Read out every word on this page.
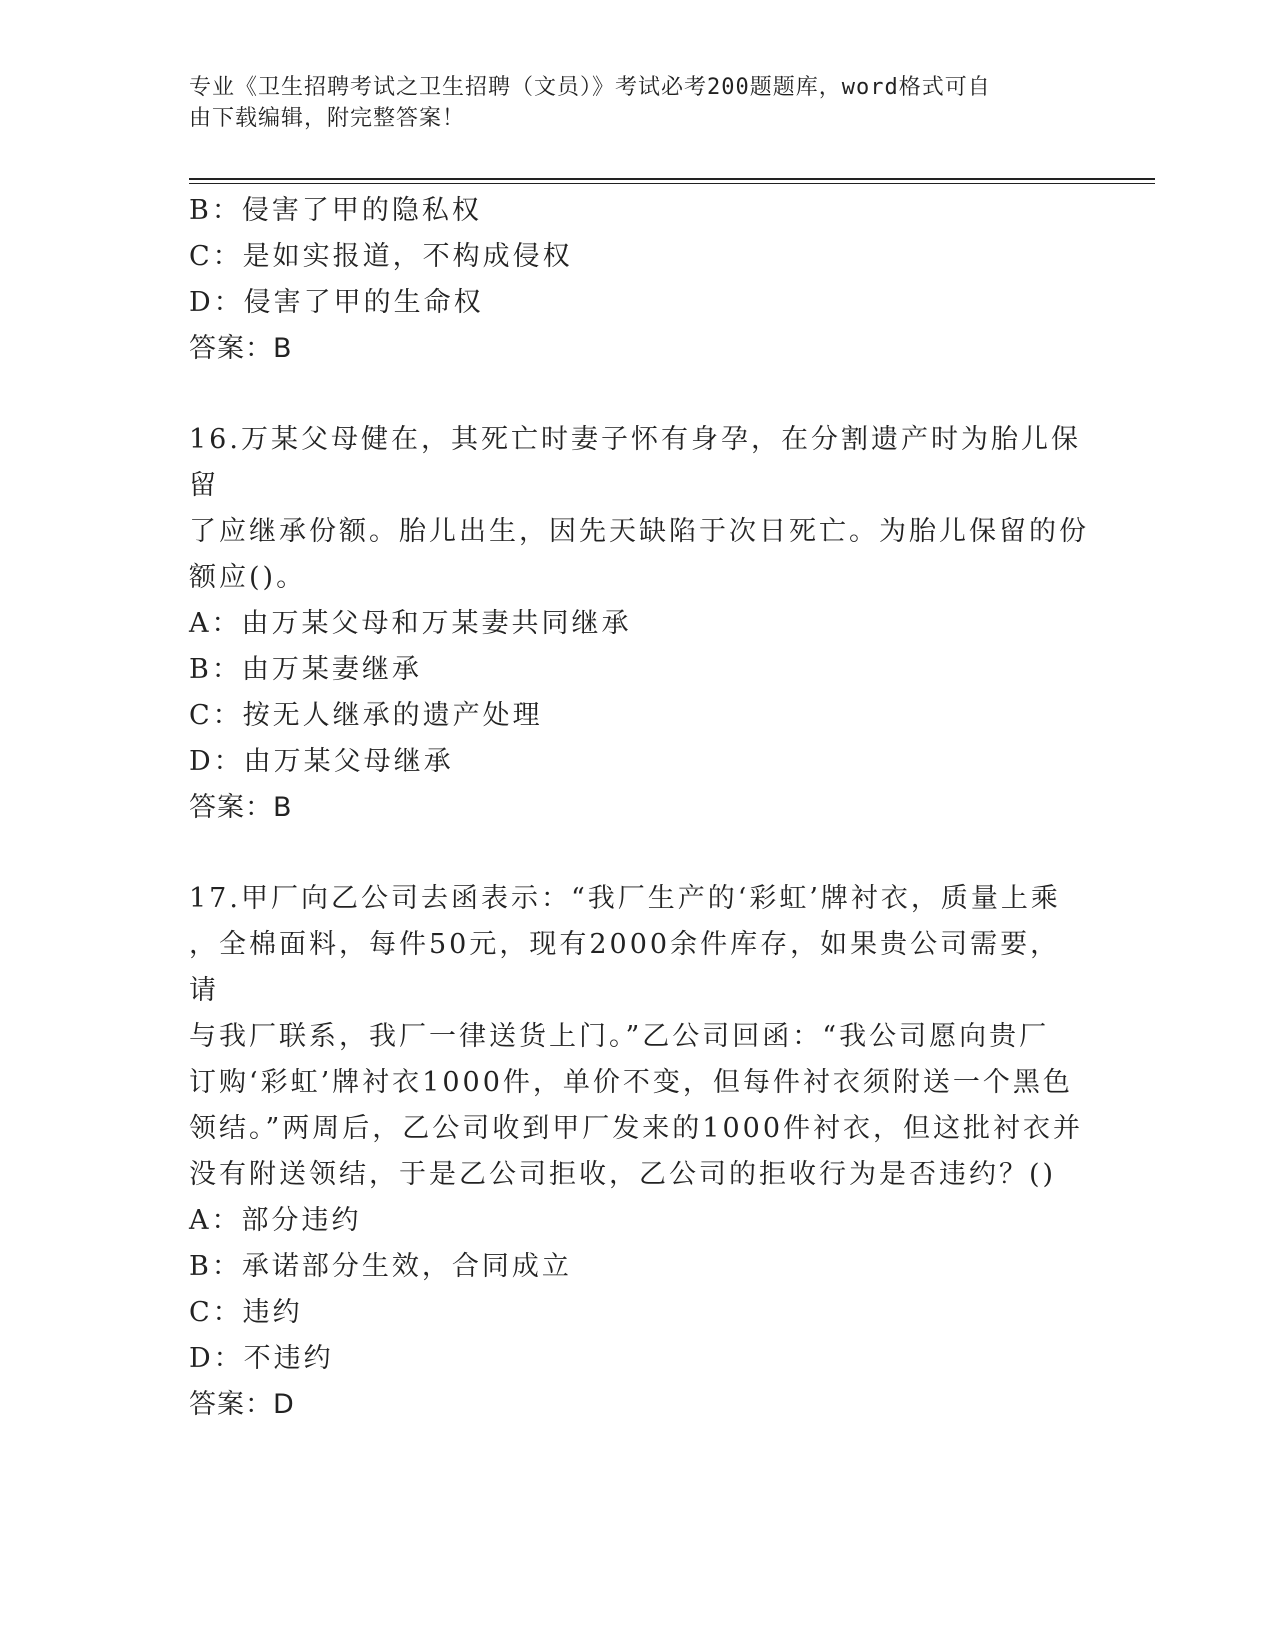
专业《卫生招聘考试之卫生招聘（文员）》考试必考200题题库，word格式可自
由下载编辑，附完整答案！
B：侵害了甲的隐私权
C：是如实报道，不构成侵权
D：侵害了甲的生命权
答案：B
16.万某父母健在，其死亡时妻子怀有身孕，在分割遗产时为胎儿保留
了应继承份额。胎儿出生，因先天缺陷于次日死亡。为胎儿保留的份
额应()。
A：由万某父母和万某妻共同继承
B：由万某妻继承
C：按无人继承的遗产处理
D：由万某父母继承
答案：B
17.甲厂向乙公司去函表示：“我厂生产的‘彩虹’牌衬衣，质量上乘
，全棉面料，每件50元，现有2000余件库存，如果贵公司需要，请
与我厂联系，我厂一律送货上门。”乙公司回函：“我公司愿向贵厂
订购‘彩虹’牌衬衣1000件，单价不变，但每件衬衣须附送一个黑色
领结。”两周后，乙公司收到甲厂发来的1000件衬衣，但这批衬衣并
没有附送领结，于是乙公司拒收，乙公司的拒收行为是否违约？()
A：部分违约
B：承诺部分生效，合同成立
C：违约
D：不违约
答案：D
